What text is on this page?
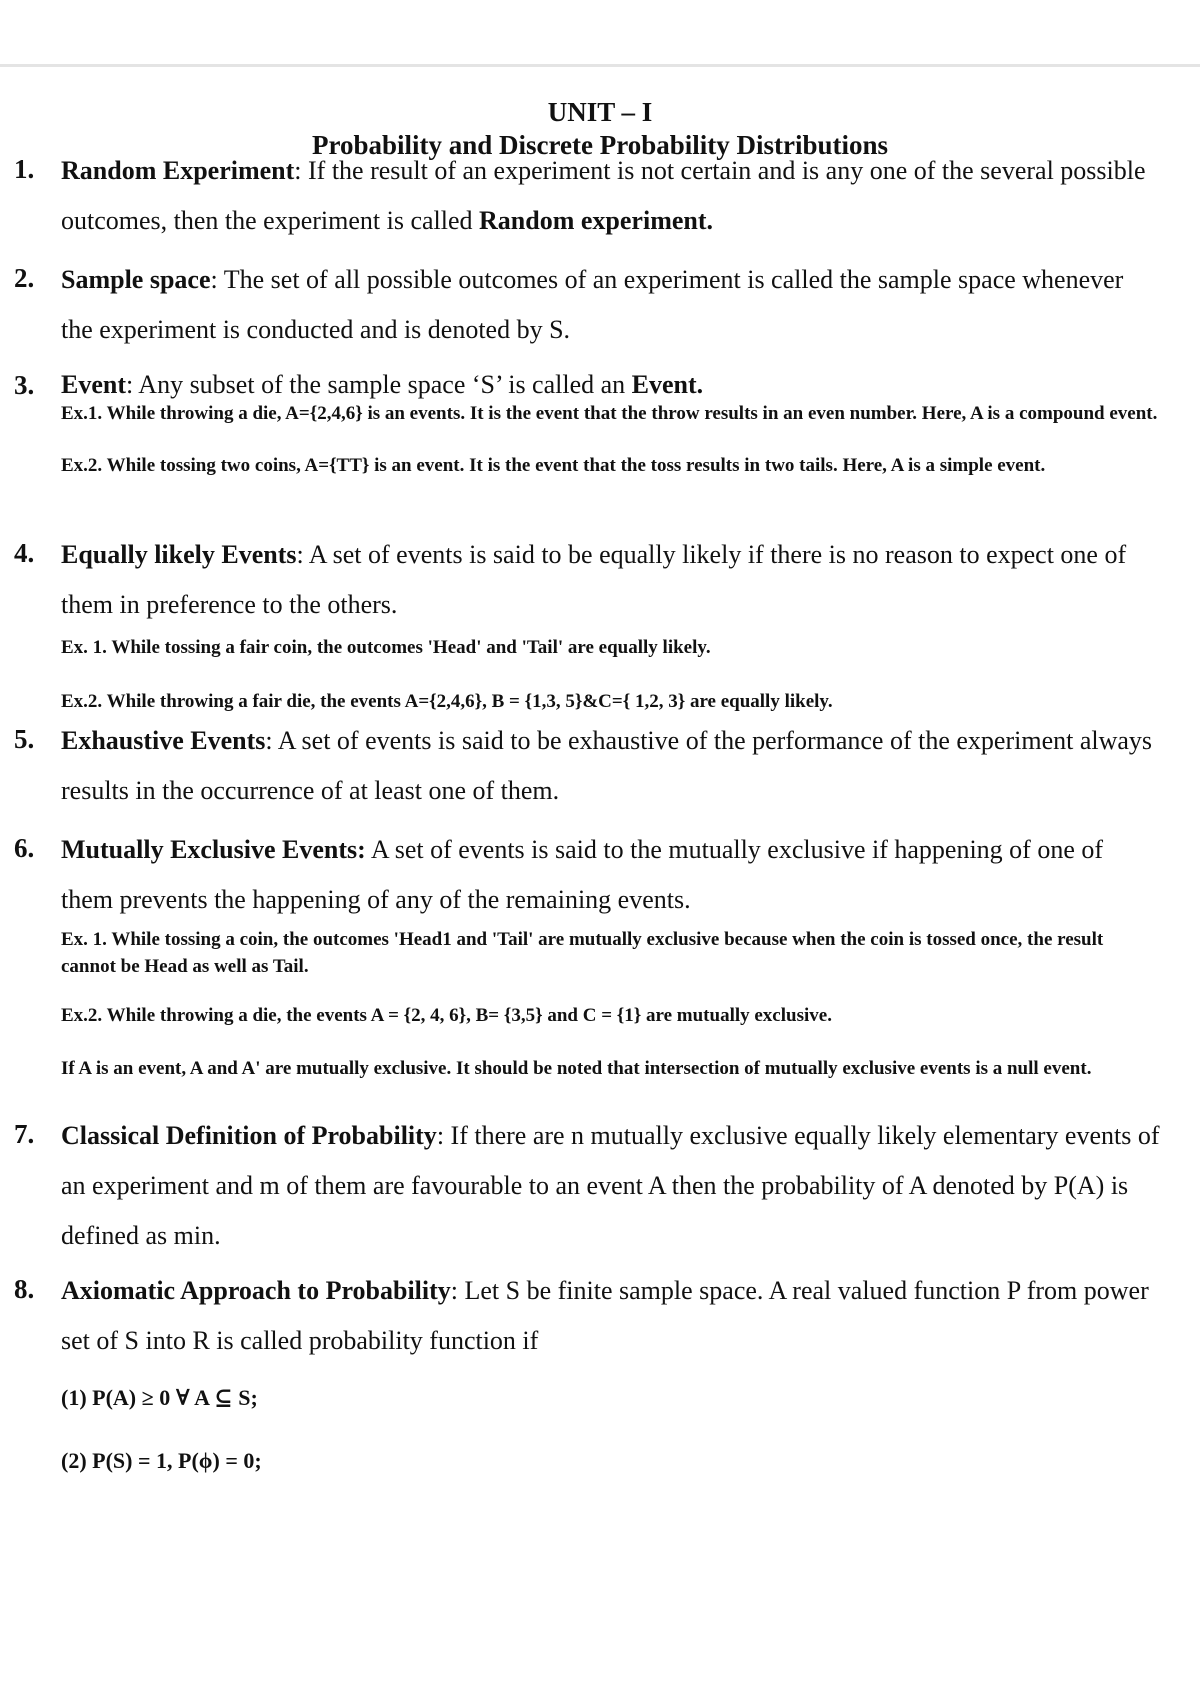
UNIT – I
Probability and Discrete Probability Distributions
1. Random Experiment: If the result of an experiment is not certain and is any one of the several possible outcomes, then the experiment is called Random experiment.
2. Sample space: The set of all possible outcomes of an experiment is called the sample space whenever the experiment is conducted and is denoted by S.
3. Event: Any subset of the sample space ‘S’ is called an Event.
Ex.1. While throwing a die, A={2,4,6} is an events. It is the event that the throw results in an even number. Here, A is a compound event.
Ex.2. While tossing two coins, A={TT} is an event. It is the event that the toss results in two tails. Here, A is a simple event.
4. Equally likely Events: A set of events is said to be equally likely if there is no reason to expect one of them in preference to the others.
Ex. 1. While tossing a fair coin, the outcomes 'Head' and 'Tail' are equally likely.
Ex.2. While throwing a fair die, the events A={2,4,6}, B = {1,3, 5}&C={ 1,2, 3} are equally likely.
5. Exhaustive Events: A set of events is said to be exhaustive of the performance of the experiment always results in the occurrence of at least one of them.
6. Mutually Exclusive Events: A set of events is said to the mutually exclusive if happening of one of them prevents the happening of any of the remaining events.
Ex. 1. While tossing a coin, the outcomes 'Head1 and 'Tail' are mutually exclusive because when the coin is tossed once, the result cannot be Head as well as Tail.
Ex.2. While throwing a die, the events A = {2, 4, 6}, B= {3,5} and C = {1} are mutually exclusive.
If A is an event, A and A' are mutually exclusive. It should be noted that intersection of mutually exclusive events is a null event.
7. Classical Definition of Probability: If there are n mutually exclusive equally likely elementary events of an experiment and m of them are favourable to an event A then the probability of A denoted by P(A) is defined as min.
8. Axiomatic Approach to Probability: Let S be finite sample space. A real valued function P from power set of S into R is called probability function if
(1) P(A) ≥ 0 ∀ A ⊆ S;
(2) P(S) = 1, P(ϕ) = 0;
